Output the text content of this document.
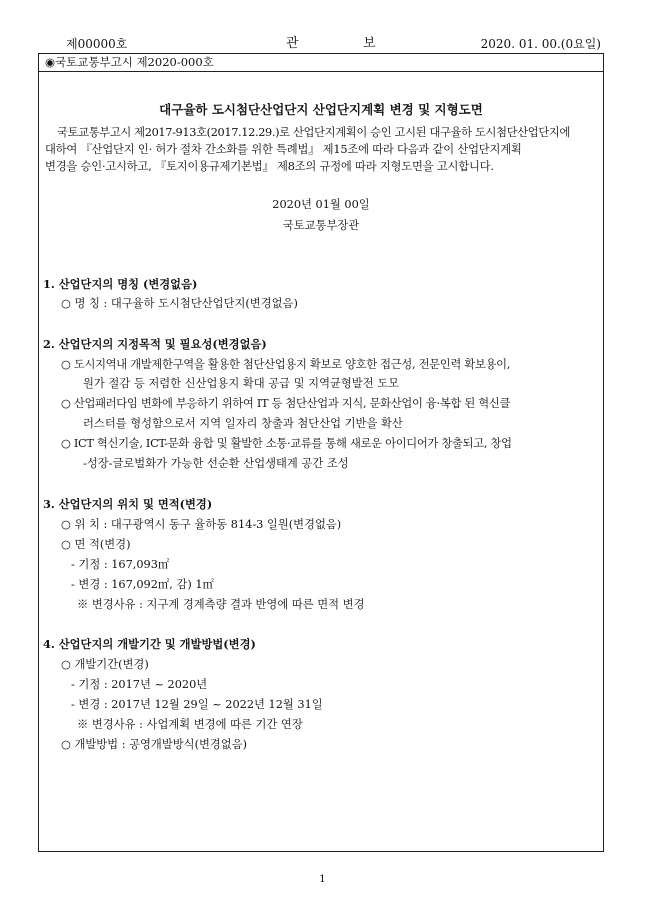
제00000호	관	보	2020. 01. 00.(0요일)
◉국토교통부고시 제2020-000호
대구율하 도시첨단산업단지 산업단지계획 변경 및 지형도면
국토교통부고시 제2017-913호(2017.12.29.)로 산업단지계획이 승인 고시된 대구율하 도시첨단산업단지에
대하여 『산업단지 인· 허가 절차 간소화를 위한 특례법』 제15조에 따라 다음과 같이 산업단지계획
변경을 승인·고시하고, 『토지이용규제기본법』 제8조의 규정에 따라 지형도면을 고시합니다.
2020년 01월 00일
국토교통부장관
1. 산업단지의 명칭 (변경없음)
○ 명 칭 : 대구율하 도시첨단산업단지(변경없음)
2. 산업단지의 지정목적 및 필요성(변경없음)
○ 도시지역내 개발제한구역을 활용한 첨단산업용지 확보로 양호한 접근성, 전문인력 확보용이,
원가 절감 등 저렴한 신산업용지 확대 공급 및 지역균형발전 도모
○ 산업패러다임 변화에 부응하기 위하여 IT 등 첨단산업과 지식, 문화산업이 융·복합 된 혁신클
러스터를 형성함으로서 지역 일자리 창출과 첨단산업 기반을 확산
○ ICT 혁신기술, ICT-문화 융합 및 활발한 소통·교류를 통해 새로운 아이디어가 창출되고, 창업
-성장-글로벌화가 가능한 선순환 산업생태계 공간 조성
3. 산업단지의 위치 및 면적(변경)
○ 위 치 : 대구광역시 동구 율하동 814-3 일원(변경없음)
○ 면 적(변경)
- 기정 : 167,093㎡
- 변경 : 167,092㎡, 감) 1㎡
※ 변경사유 : 지구계 경계측량 결과 반영에 따른 면적 변경
4. 산업단지의 개발기간 및 개발방법(변경)
○ 개발기간(변경)
- 기정 : 2017년 ~ 2020년
- 변경 : 2017년 12월 29일 ~ 2022년 12월 31일
※ 변경사유 : 사업계획 변경에 따른 기간 연장
○ 개발방법 : 공영개발방식(변경없음)
1
